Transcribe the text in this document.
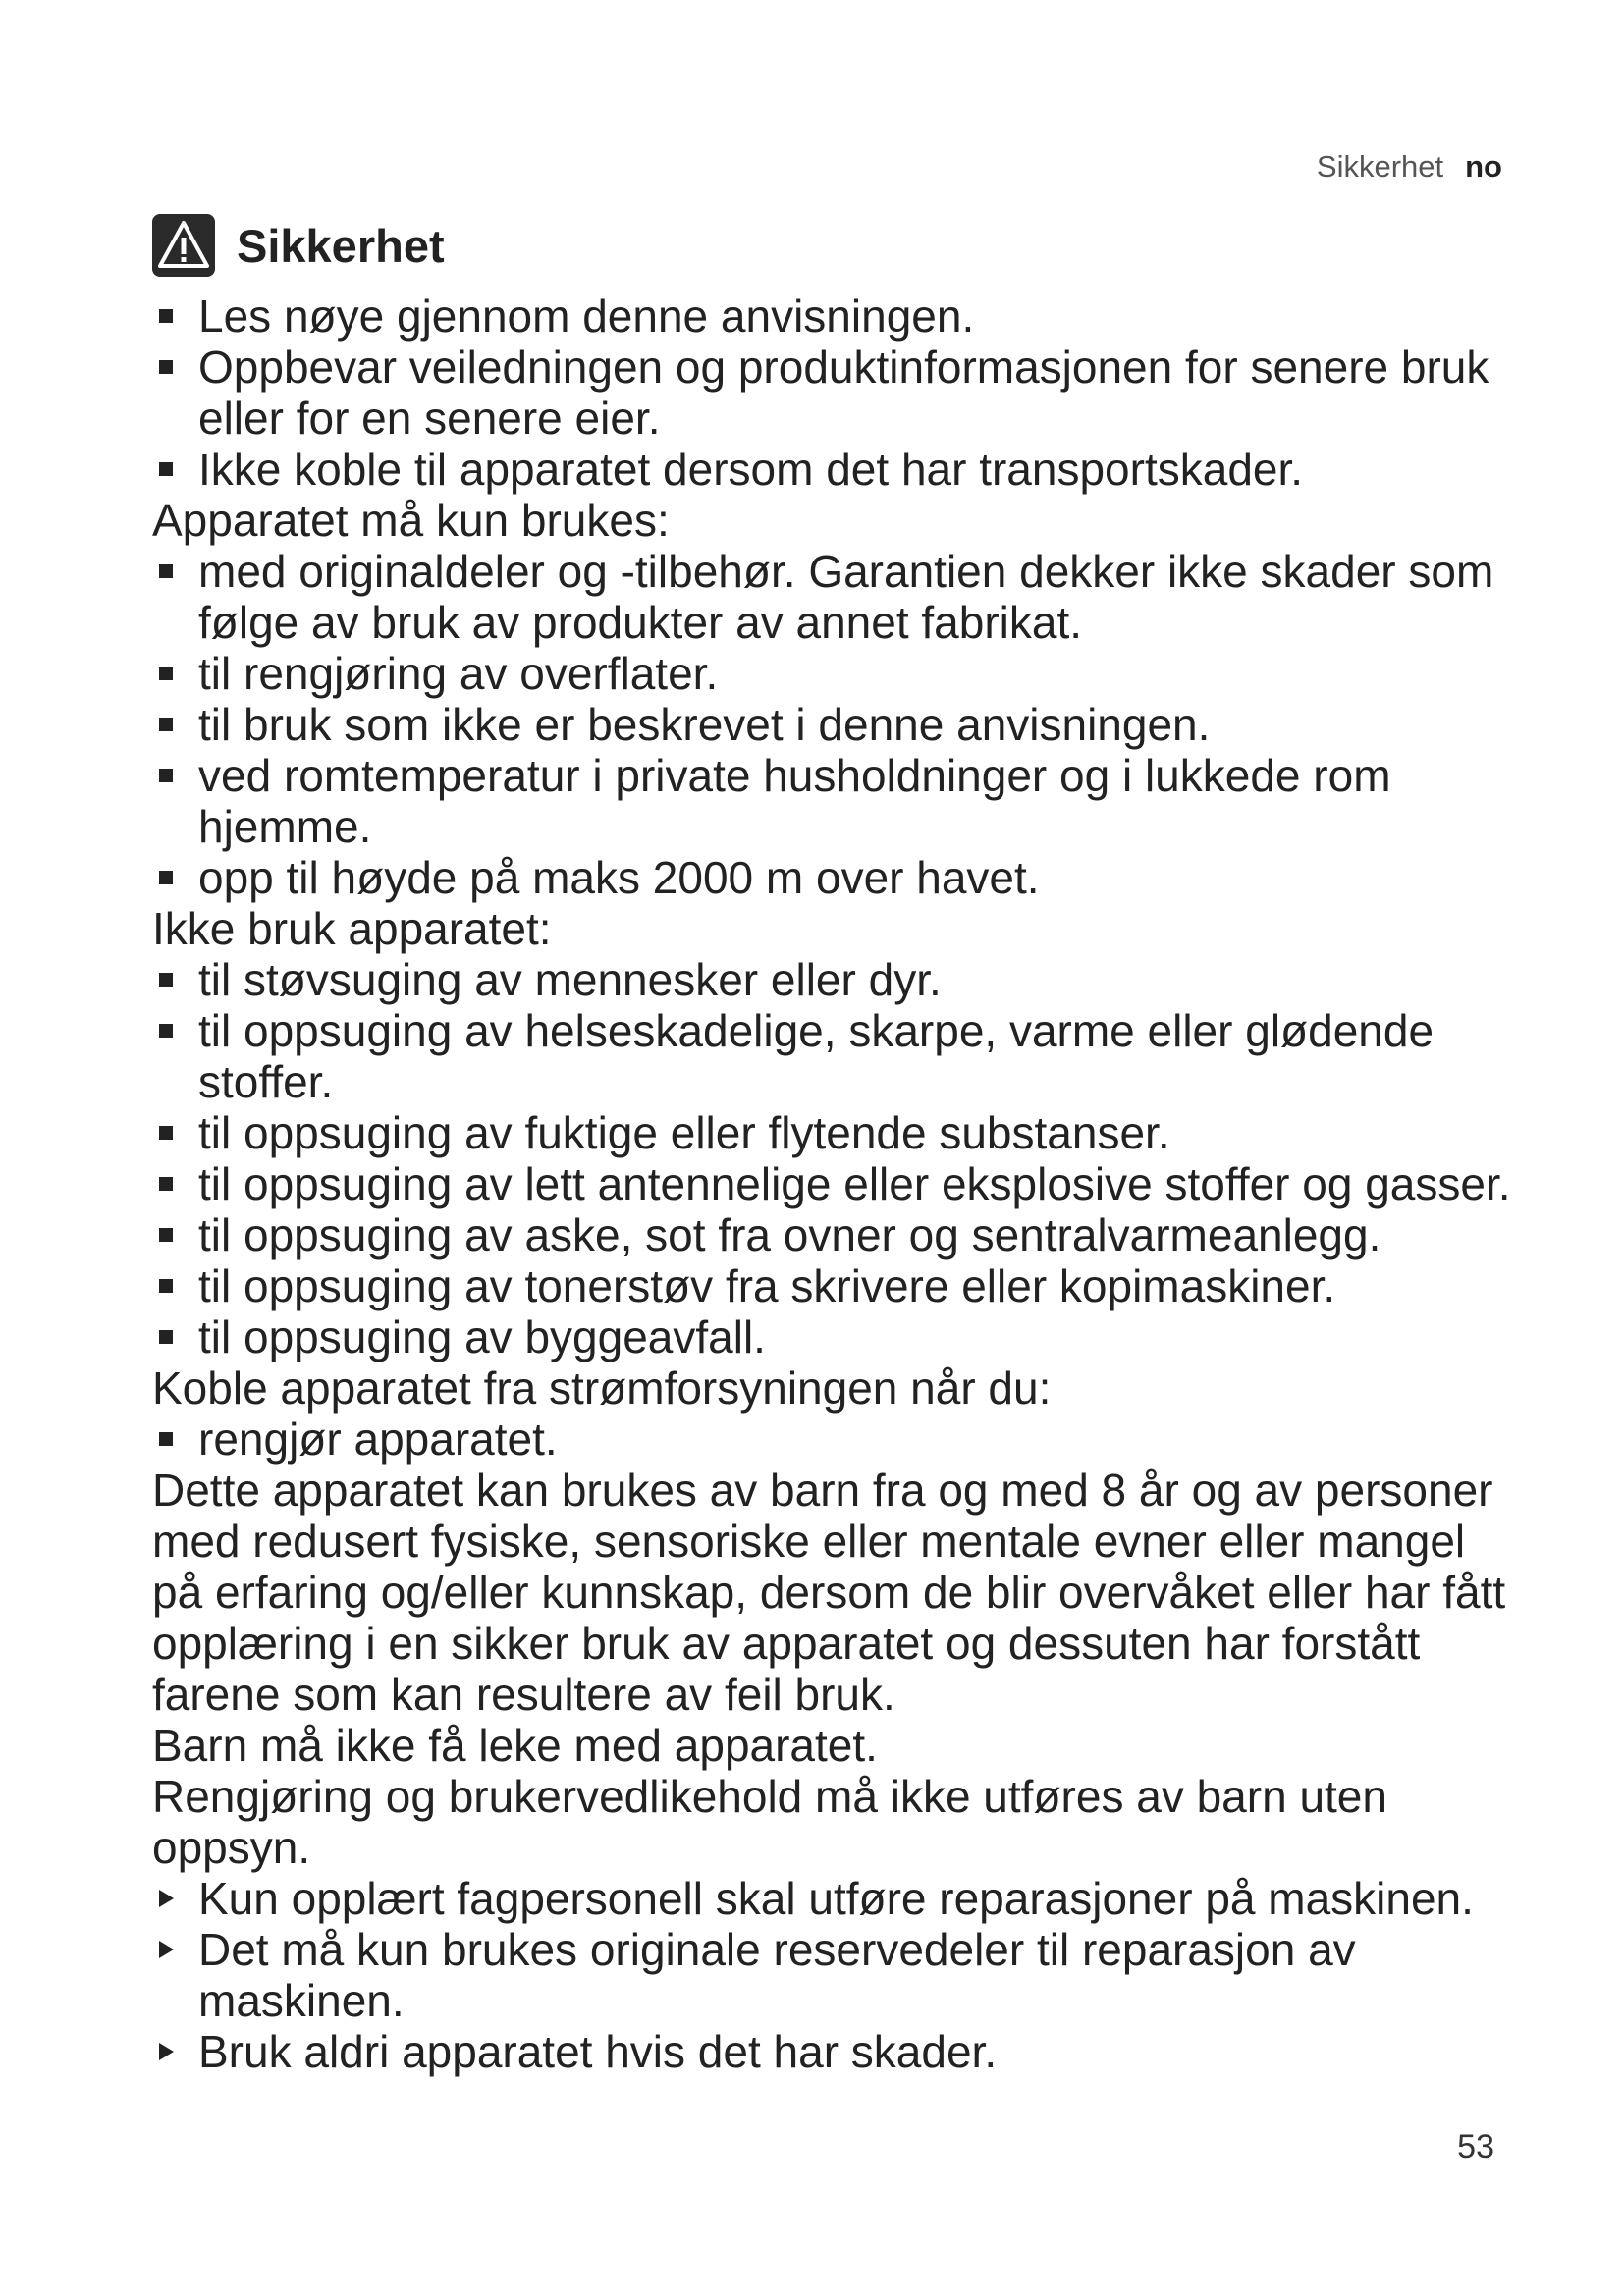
Sikkerhet no
Sikkerhet
Les nøye gjennom denne anvisningen.
Oppbevar veiledningen og produktinformasjonen for senere bruk eller for en senere eier.
Ikke koble til apparatet dersom det har transportskader.
Apparatet må kun brukes:
med originaldeler og -tilbehør. Garantien dekker ikke skader som følge av bruk av produkter av annet fabrikat.
til rengjøring av overflater.
til bruk som ikke er beskrevet i denne anvisningen.
ved romtemperatur i private husholdninger og i lukkede rom hjemme.
opp til høyde på maks 2000 m over havet.
Ikke bruk apparatet:
til støvsuging av mennesker eller dyr.
til oppsuging av helseskadelige, skarpe, varme eller glødende stoffer.
til oppsuging av fuktige eller flytende substanser.
til oppsuging av lett antennelige eller eksplosive stoffer og gasser.
til oppsuging av aske, sot fra ovner og sentralvarmeanlegg.
til oppsuging av tonerstøv fra skrivere eller kopimaskiner.
til oppsuging av byggeavfall.
Koble apparatet fra strømforsyningen når du:
rengjør apparatet.
Dette apparatet kan brukes av barn fra og med 8 år og av personer med redusert fysiske, sensoriske eller mentale evner eller mangel på erfaring og/eller kunnskap, dersom de blir overvåket eller har fått opplæring i en sikker bruk av apparatet og dessuten har forstått farene som kan resultere av feil bruk.
Barn må ikke få leke med apparatet.
Rengjøring og brukervedlikehold må ikke utføres av barn uten oppsyn.
Kun opplært fagpersonell skal utføre reparasjoner på maskinen.
Det må kun brukes originale reservedeler til reparasjon av maskinen.
Bruk aldri apparatet hvis det har skader.
53
